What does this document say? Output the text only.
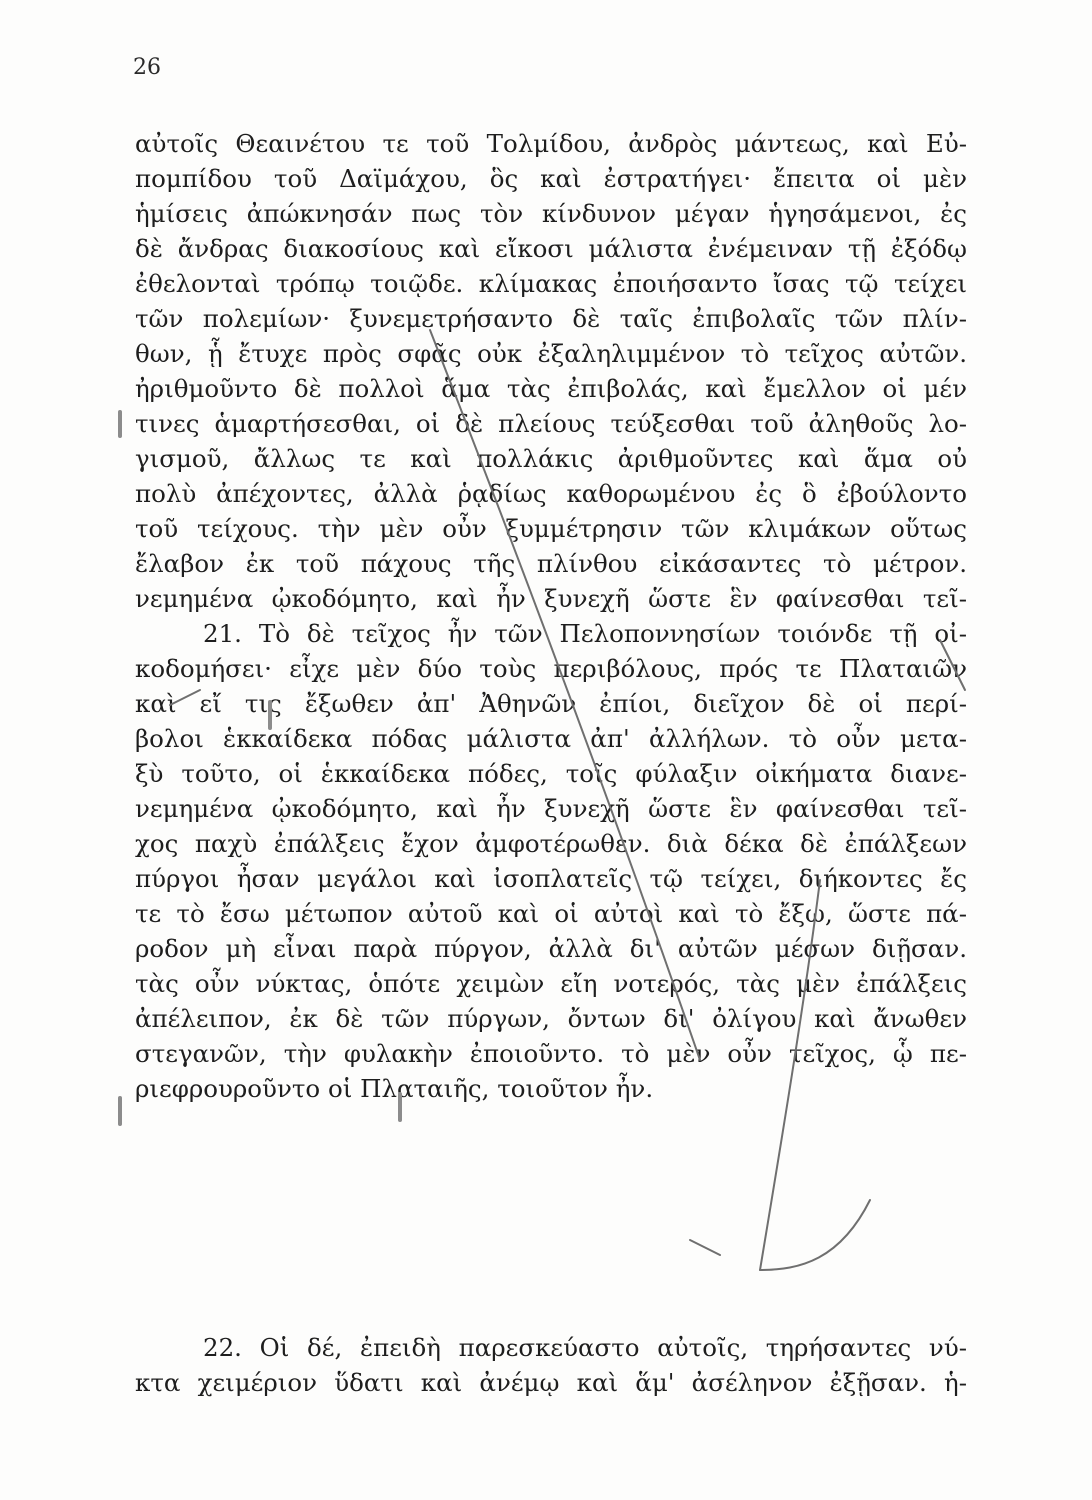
26
αὐτοῖς Θεαινέτου τε τοῦ Τολμίδου, ἀνδρὸς μάντεως, καὶ Εὐ-
πομπίδου τοῦ Δαϊμάχου, ὃς καὶ ἐστρατήγει· ἔπειτα οἱ μὲν
ἡμίσεις ἀπώκνησάν πως τὸν κίνδυνον μέγαν ἡγησάμενοι, ἐς
δὲ ἄνδρας διακοσίους καὶ εἴκοσι μάλιστα ἐνέμειναν τῇ ἐξόδῳ
ἐθελονταὶ τρόπῳ τοιῷδε. κλίμακας ἐποιήσαντο ἴσας τῷ τείχει
τῶν πολεμίων· ξυνεμετρήσαντο δὲ ταῖς ἐπιβολαῖς τῶν πλίν-
θων, ᾗ ἔτυχε πρὸς σφᾶς οὐκ ἐξαληλιμμένον τὸ τεῖχος αὐτῶν.
ἠριθμοῦντο δὲ πολλοὶ ἅμα τὰς ἐπιβολάς, καὶ ἔμελλον οἱ μέν
τινες ἁμαρτήσεσθαι, οἱ δὲ πλείους τεύξεσθαι τοῦ ἀληθοῦς λο-
γισμοῦ, ἄλλως τε καὶ πολλάκις ἀριθμοῦντες καὶ ἅμα οὐ
πολὺ ἀπέχοντες, ἀλλὰ ῥᾳδίως καθορωμένου ἐς ὃ ἐβούλοντο
τοῦ τείχους. τὴν μὲν οὖν ξυμμέτρησιν τῶν κλιμάκων οὕτως
ἔλαβον ἐκ τοῦ πάχους τῆς πλίνθου εἰκάσαντες τὸ μέτρον.
νεμημένα ᾠκοδόμητο, καὶ ἦν ξυνεχῆ ὥστε ἓν φαίνεσθαι τεῖ-
21. Τὸ δὲ τεῖχος ἦν τῶν Πελοποννησίων τοιόνδε τῇ οἰ-
κοδομήσει· εἶχε μὲν δύο τοὺς περιβόλους, πρός τε Πλαταιῶν
καὶ εἴ τις ἔξωθεν ἀπ' Ἀθηνῶν ἐπίοι, διεῖχον δὲ οἱ περί-
βολοι ἑκκαίδεκα πόδας μάλιστα ἀπ' ἀλλήλων. τὸ οὖν μετα-
ξὺ τοῦτο, οἱ ἑκκαίδεκα πόδες, τοῖς φύλαξιν οἰκήματα διανε-
νεμημένα ᾠκοδόμητο, καὶ ἦν ξυνεχῆ ὥστε ἓν φαίνεσθαι τεῖ-
χος παχὺ ἐπάλξεις ἔχον ἀμφοτέρωθεν. διὰ δέκα δὲ ἐπάλξεων
πύργοι ἦσαν μεγάλοι καὶ ἰσοπλατεῖς τῷ τείχει, διήκοντες ἔς
τε τὸ ἔσω μέτωπον αὐτοῦ καὶ οἱ αὐτοὶ καὶ τὸ ἔξω, ὥστε πά-
ροδον μὴ εἶναι παρὰ πύργον, ἀλλὰ δι' αὐτῶν μέσων διῇσαν.
τὰς οὖν νύκτας, ὁπότε χειμὼν εἴη νοτερός, τὰς μὲν ἐπάλξεις
ἀπέλειπον, ἐκ δὲ τῶν πύργων, ὄντων δι' ὀλίγου καὶ ἄνωθεν
στεγανῶν, τὴν φυλακὴν ἐποιοῦντο. τὸ μὲν οὖν τεῖχος, ᾧ πε-
ριεφρουροῦντο οἱ Πλαταιῆς, τοιοῦτον ἦν.
22. Οἱ δέ, ἐπειδὴ παρεσκεύαστο αὐτοῖς, τηρήσαντες νύ-
κτα χειμέριον ὕδατι καὶ ἀνέμῳ καὶ ἅμ' ἀσέληνον ἐξῇσαν. ἡ-
